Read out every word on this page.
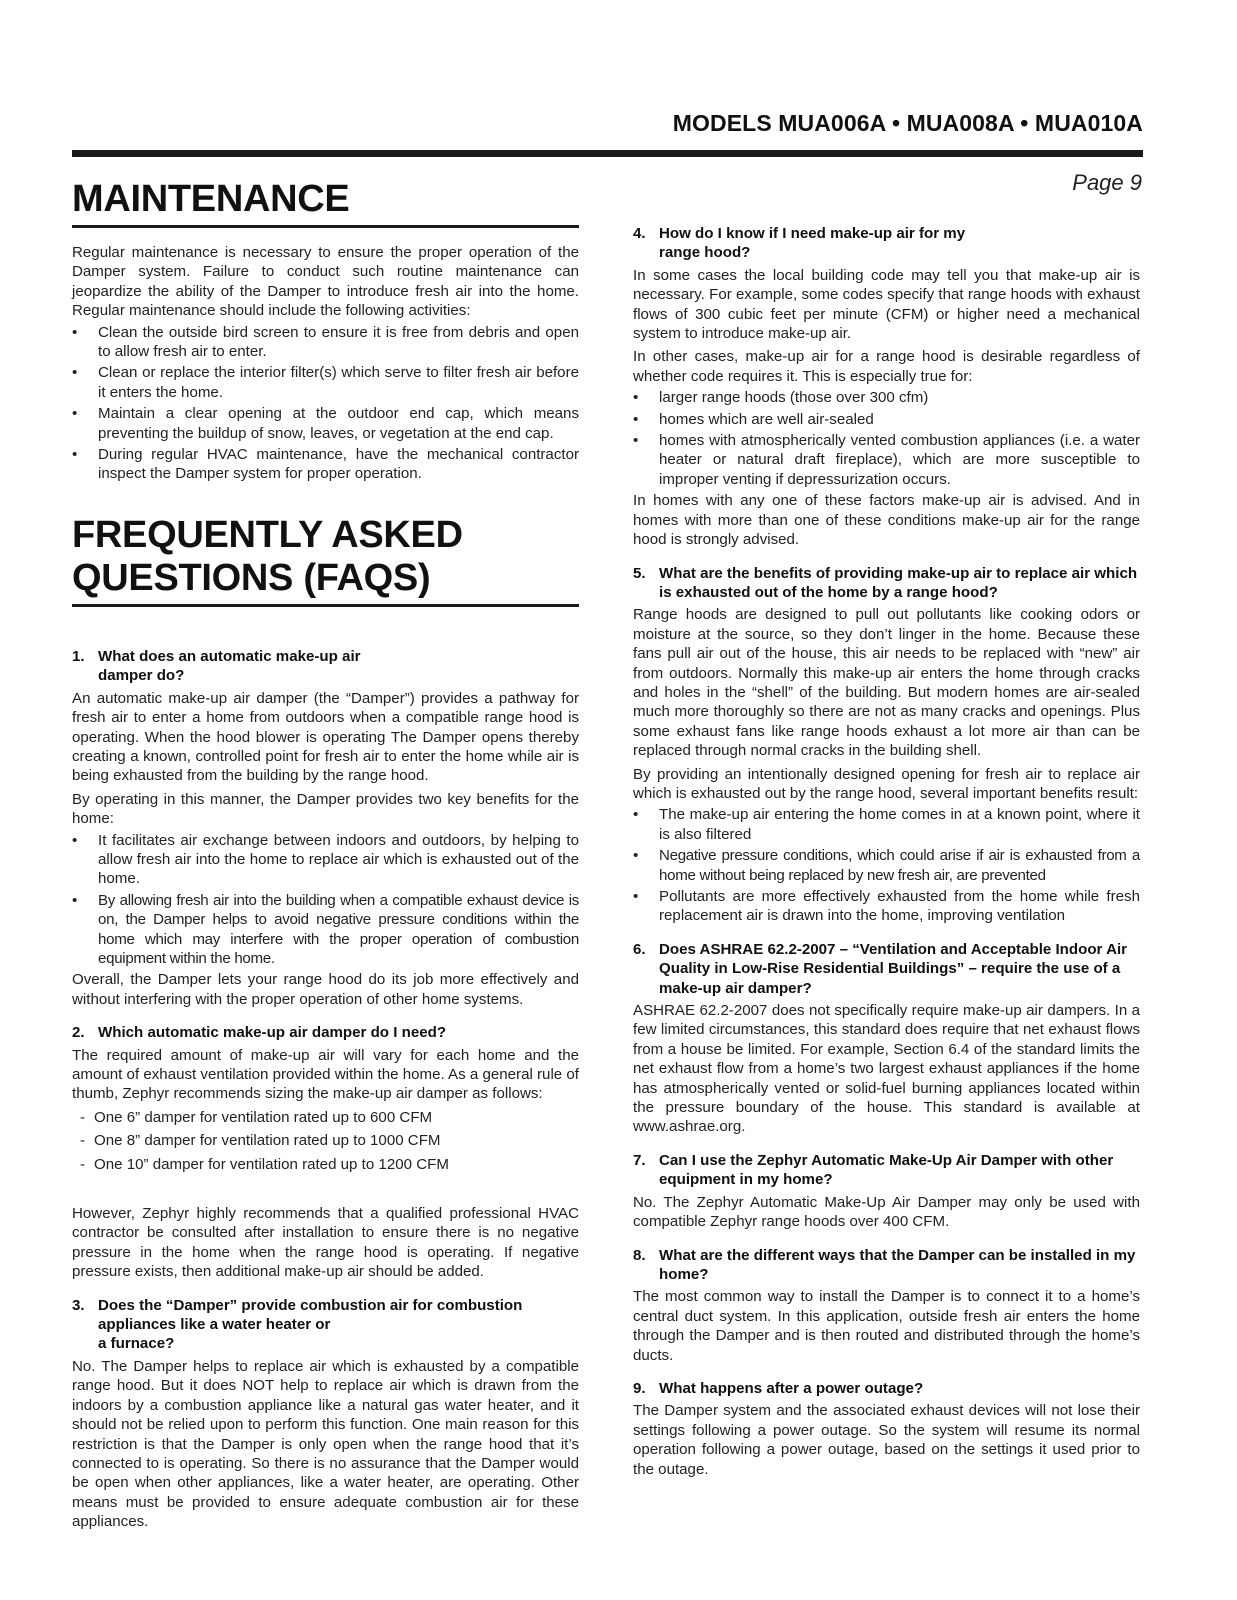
MODELS MUA006A • MUA008A • MUA010A
Page 9
MAINTENANCE

Regular maintenance is necessary to ensure the proper operation of the Damper system. Failure to conduct such routine maintenance can jeopardize the ability of the Damper to introduce fresh air into the home. Regular maintenance should include the following activities:

•	Clean the outside bird screen to ensure it is free from debris and open to allow fresh air to enter.
•	Clean or replace the interior filter(s) which serve to filter fresh air before it enters the home.
•	Maintain a clear opening at the outdoor end cap, which means preventing the buildup of snow, leaves, or vegetation at the end cap.
•	During regular HVAC maintenance, have the mechanical contractor inspect the Damper system for proper operation.
FREQUENTLY ASKED
QUESTIONS (FAQS)
1. What does an automatic make-up air
damper do?

An automatic make-up air damper (the “Damper”) provides a pathway for fresh air to enter a home from outdoors when a compatible range hood is operating. When the hood blower is operating The Damper opens thereby creating a known, controlled point for fresh air to enter the home while air is being exhausted from the building by the range hood.

By operating in this manner, the Damper provides two key benefits for the home:

•	It facilitates air exchange between indoors and outdoors, by helping to allow fresh air into the home to replace air which is exhausted out of the home.
•	By allowing fresh air into the building when a compatible exhaust device is on, the Damper helps to avoid negative pressure conditions within the home which may interfere with the proper operation of combustion equipment within the home.

Overall, the Damper lets your range hood do its job more effectively and without interfering with the proper operation of other home systems.

2. Which automatic make-up air damper do I need?

The required amount of make-up air will vary for each home and the amount of exhaust ventilation provided within the home. As a general rule of thumb, Zephyr recommends sizing the make-up air damper as follows:

- One 6” damper for ventilation rated up to 600 CFM
- One 8” damper for ventilation rated up to 1000 CFM
- One 10” damper for ventilation rated up to 1200 CFM

However, Zephyr highly recommends that a qualified professional HVAC contractor be consulted after installation to ensure there is no negative pressure in the home when the range hood is operating. If negative pressure exists, then additional make-up air should be added.

3. Does the “Damper” provide combustion air for combustion
appliances like a water heater or
a furnace?

No. The Damper helps to replace air which is exhausted by a compatible range hood. But it does NOT help to replace air which is drawn from the indoors by a combustion appliance like a natural gas water heater, and it should not be relied upon to perform this function. One main reason for this restriction is that the Damper is only open when the range hood that it’s connected to is operating. So there is no assurance that the Damper would be open when other appliances, like a water heater, are operating. Other means must be provided to ensure adequate combustion air for these appliances.

4. How do I know if I need make-up air for my
range hood?

In some cases the local building code may tell you that make-up air is necessary. For example, some codes specify that range hoods with exhaust flows of 300 cubic feet per minute (CFM) or higher need a mechanical system to introduce make-up air.

In other cases, make-up air for a range hood is desirable regardless of whether code requires it. This is especially true for:

•	larger range hoods (those over 300 cfm)
•	homes which are well air-sealed
•	homes with atmospherically vented combustion appliances (i.e. a water heater or natural draft fireplace), which are more susceptible to improper venting if depressurization occurs.

In homes with any one of these factors make-up air is advised. And in homes with more than one of these conditions make-up air for the range hood is strongly advised.

5. What are the benefits of providing make-up air to replace air which is exhausted out of the home by a range hood?

Range hoods are designed to pull out pollutants like cooking odors or moisture at the source, so they don’t linger in the home. Because these fans pull air out of the house, this air needs to be replaced with “new” air from outdoors. Normally this make-up air enters the home through cracks and holes in the “shell” of the building. But modern homes are air-sealed much more thoroughly so there are not as many cracks and openings. Plus some exhaust fans like range hoods exhaust a lot more air than can be replaced through normal cracks in the building shell.

By providing an intentionally designed opening for fresh air to replace air which is exhausted out by the range hood, several important benefits result:

•	The make-up air entering the home comes in at a known point, where it is also filtered
•	Negative pressure conditions, which could arise if air is exhausted from a home without being replaced by new fresh air, are prevented
•	Pollutants are more effectively exhausted from the home while fresh replacement air is drawn into the home, improving ventilation
6. Does ASHRAE 62.2-2007 – “Ventilation and Acceptable Indoor Air Quality in Low-Rise Residential Buildings” – require the use of a make-up air damper?

ASHRAE 62.2-2007 does not specifically require make-up air dampers. In a few limited circumstances, this standard does require that net exhaust flows from a house be limited. For example, Section 6.4 of the standard limits the net exhaust flow from a home’s two largest exhaust appliances if the home has atmospherically vented or solid-fuel burning appliances located within the pressure boundary of the house. This standard is available at www.ashrae.org.

7. Can I use the Zephyr Automatic Make-Up Air Damper with other equipment in my home?

No. The Zephyr Automatic Make-Up Air Damper may only be used with compatible Zephyr range hoods over 400 CFM.

8. What are the different ways that the Damper can be installed in my home?

The most common way to install the Damper is to connect it to a home’s central duct system. In this application, outside fresh air enters the home through the Damper and is then routed and distributed through the home’s ducts.

9. What happens after a power outage?

The Damper system and the associated exhaust devices will not lose their settings following a power outage. So the system will resume its normal operation following a power outage, based on the settings it used prior to the outage.
